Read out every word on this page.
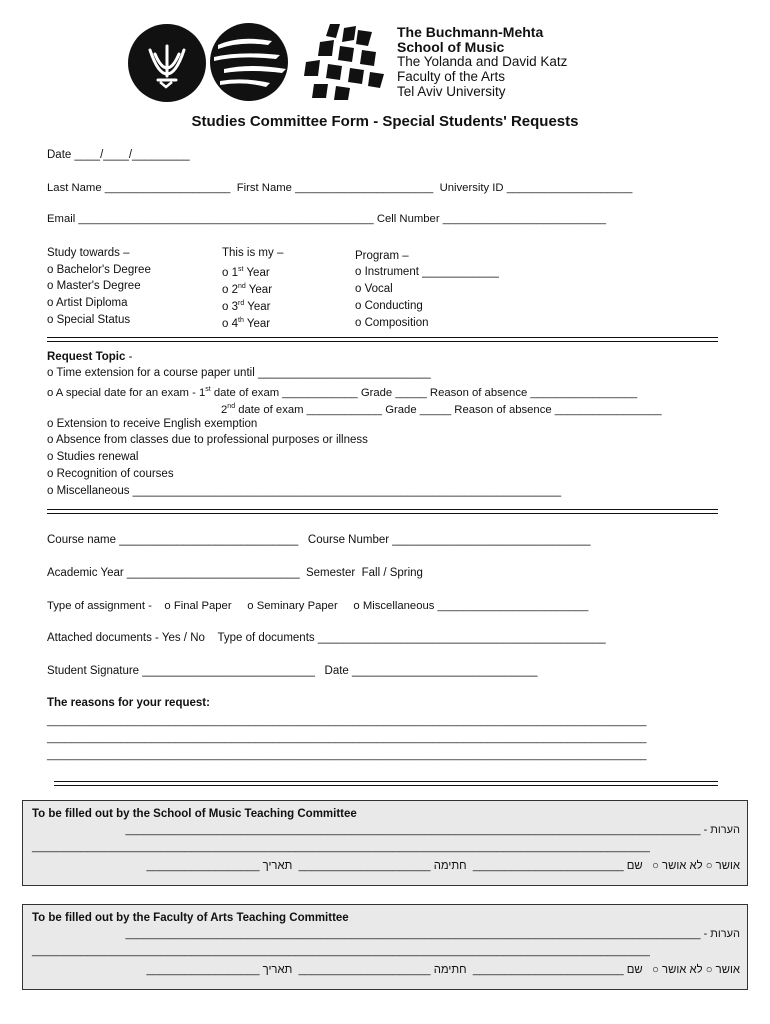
The Buchmann-Mehta
School of Music
The Yolanda and David Katz
Faculty of the Arts
Tel Aviv University
Studies Committee Form - Special Students' Requests
Date ____/____/_________
Last Name ____________________  First Name ______________________  University ID ____________________
Email _______________________________________________ Cell Number __________________________
Study towards –
o Bachelor's Degree
o Master's Degree
o Artist Diploma
o Special Status
This is my –
o 1st Year
o 2nd Year
o 3rd Year
o 4th Year
Program –
o Instrument ____________
o Vocal
o Conducting
o Composition
Request Topic -
o Time extension for a course paper until ___________________________
o A special date for an exam - 1st date of exam ____________ Grade _____ Reason of absence _________________
2nd date of exam ____________ Grade _____ Reason of absence _________________
o Extension to receive English exemption
o Absence from classes due to professional purposes or illness
o Studies renewal
o Recognition of courses
o Miscellaneous ___________________________________________________________________
Course name ____________________________   Course Number _______________________________
Academic Year ___________________________  Semester  Fall / Spring
Type of assignment -    o Final Paper     o Seminary Paper     o Miscellaneous ________________________
Attached documents - Yes / No    Type of documents _____________________________________________
Student Signature ___________________________   Date _____________________________
The reasons for your request:
__________________________________________________________________________________________________
__________________________________________________________________________________________________
__________________________________________________________________________________________________
To be filled out by the School of Music Teaching Committee
הערות - ______________________________________________________________________________________________
_____________________________________________________________________________________________________
אושר ○ לא אושר ○   שם ________________________  חתימה _____________________  תאריך __________________
To be filled out by the Faculty of Arts Teaching Committee
הערות - ______________________________________________________________________________________________
_____________________________________________________________________________________________________
אושר ○ לא אושר ○   שם ________________________  חתימה _____________________  תאריך __________________
